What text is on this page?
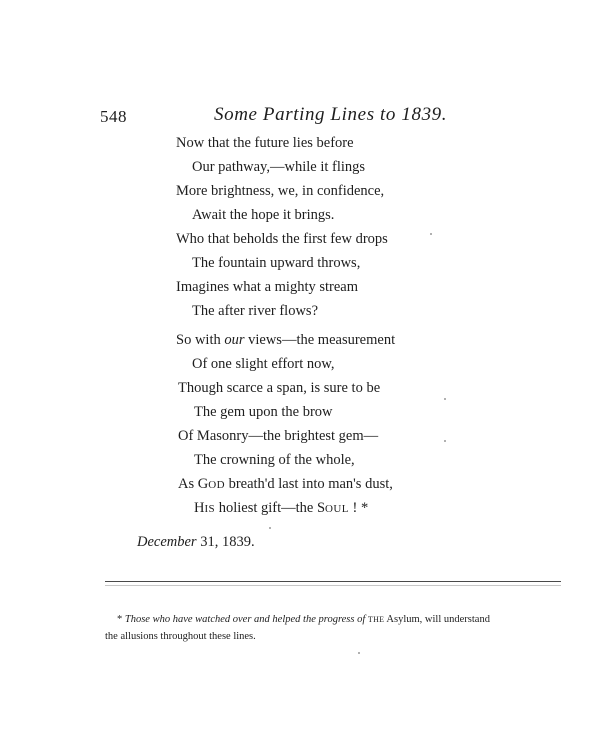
548	Some Parting Lines to 1839.
Now that the future lies before
Our pathway,—while it flings
More brightness, we, in confidence,
Await the hope it brings.
Who that beholds the first few drops
The fountain upward throws,
Imagines what a mighty stream
The after river flows?
So with our views—the measurement
Of one slight effort now,
Though scarce a span, is sure to be
The gem upon the brow
Of Masonry—the brightest gem—
The crowning of the whole,
As GOD breath'd last into man's dust,
HIS holiest gift—the SOUL ! *
December 31, 1839.
* Those who have watched over and helped the progress of THE Asylum, will understand
the allusions throughout these lines.
